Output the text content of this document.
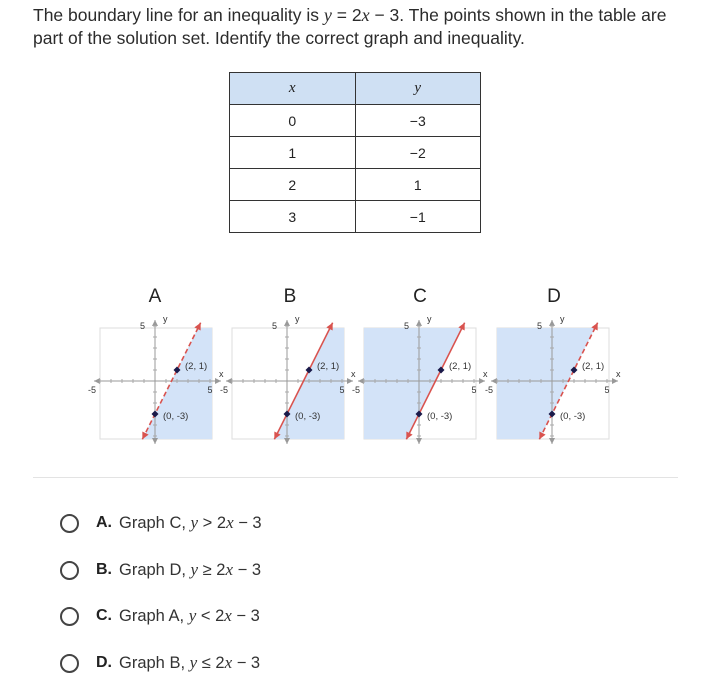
The boundary line for an inequality is y = 2x − 3. The points shown in the table are part of the solution set. Identify the correct graph and inequality.
x	y
0	−3
1	−2
2	1
3	−1
A	B	C	D
5
5
-5
y
x
(2, 1)
(0, -3)
5
5
-5
y
x
(2, 1)
(0, -3)
5
5
-5
y
x
(2, 1)
(0, -3)
5
5
-5
y
x
(2, 1)
(0, -3)
A. Graph C, y > 2x − 3
B. Graph D, y ≥ 2x − 3
C. Graph A, y < 2x − 3
D. Graph B, y ≤ 2x − 3
